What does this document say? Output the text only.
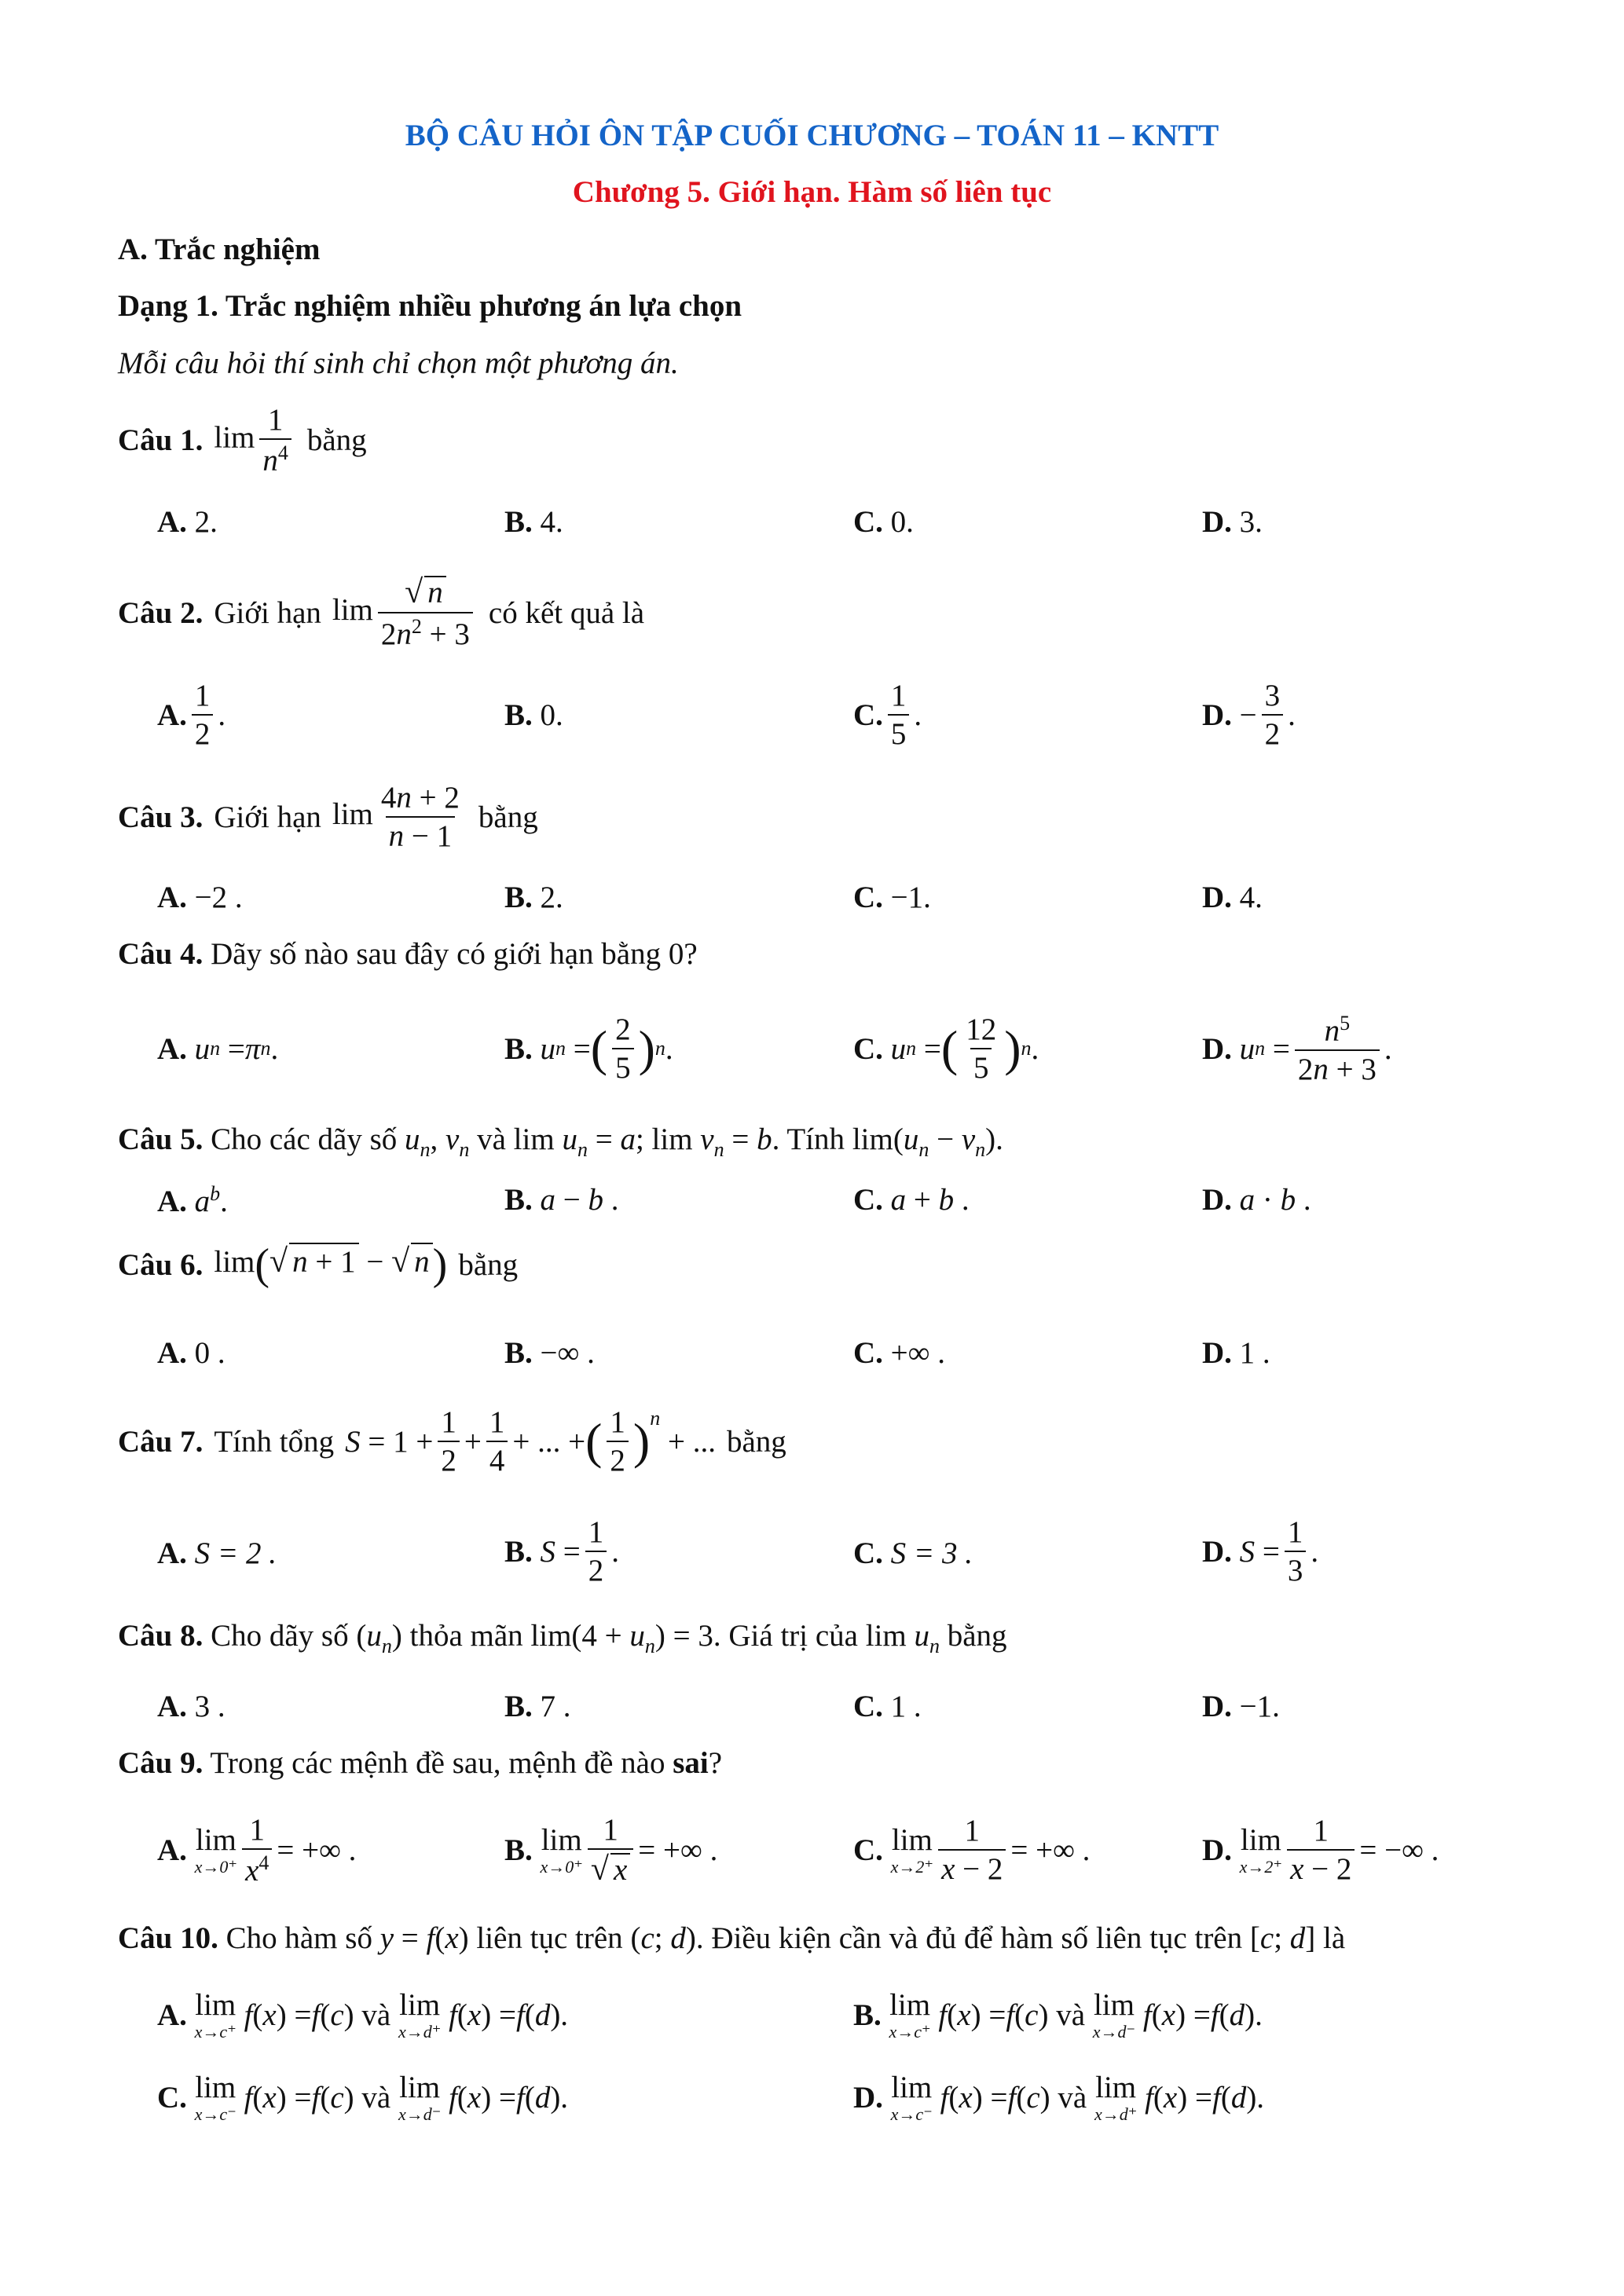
BỘ CÂU HỎI ÔN TẬP CUỐI CHƯƠNG – TOÁN 11 – KNTT
Chương 5. Giới hạn. Hàm số liên tục
A. Trắc nghiệm
Dạng 1. Trắc nghiệm nhiều phương án lựa chọn
Mỗi câu hỏi thí sinh chỉ chọn một phương án.
Câu 1. $\lim \frac{1}{n^4}$ bằng
A. 2.	B. 4.	C. 0.	D. 3.
Câu 2. Giới hạn $\lim \frac{√ n}{2n^2 + 3}$ có kết quả là
A. $\frac{1}{2}$ .	B. 0.	C. $\frac{1}{5}$ .	D. − $\frac{3}{2}$ .
Câu 3. Giới hạn $\lim \frac{4n + 2}{n - 1}$ bằng
A. −2 .	B. 2.	C. −1.	D. 4.
Câu 4. Dãy số nào sau đây có giới hạn bằng 0?
A.
u n = π n .	B.
u n = ( $\frac{2}{5}$ ) n .	C.
u n = ( $\frac{12}{5}$ ) n .	D.
u $n = \frac{n^5}{2n + 3}$ .
Câu 5. Cho các dãy số $u_n$, $v_n$ và $\lim u_n = a$; $\lim v_n = b$. Tính $\lim(u_n - v_n)$.
A. $a^b$.	B. a − b .	C. a + b .	D. a · b .
Câu 6. lim(√ n + 1 − √ n) bằng
A. 0 .	B. −∞ .	C. +∞ .	D. 1 .
Câu 7. Tính tổng $S = 1 + \frac{1}{2} + \frac{1}{4}$ + ... + ( $\frac{1}{2}$ ) n
+ ... bằng
A. S = 2 .	B.
$S = \frac{1}{2}$ .	C. S = 3 .	D.
$S = \frac{1}{3}$ .
Câu 8. Cho dãy số $(u_n)$ thỏa mãn $\lim(4 + u_n) = 3$. Giá trị của $\lim u_n$ bằng
A. 3 .	B. 7 .	C. 1 .	D. −1.
Câu 9. Trong các mệnh đề sau, mệnh đề nào sai?
A.
lim
$x\to 0^+ \frac{1}{x^4}$ = +∞ .	B.
lim
$x\to 0^+ \frac{1}{√ x}$ = +∞ .	C.
lim
$x\to 2^+ \frac{1}{x - 2}$ = +∞ .	D.
lim
$x\to 2^+ \frac{1}{x - 2}$ = −∞ .
Câu 10. Cho hàm số y = f(x) liên tục trên (c; d). Điều kiện cần và đủ để hàm số liên tục trên [c; d] là
A.
lim
x→c⁺
f ( x ) = f ( c ) và
lim
x→d⁺
f ( x ) = f ( d ).	B.
lim
x→c⁺
f ( x ) = f ( c ) và
lim
x→d⁻
f ( x ) = f ( d ).
C.
lim
x→c⁻
f ( x ) = f ( c ) và
lim
x→d⁻
f ( x ) = f ( d ).	D.
lim
x→c⁻
f ( x ) = f ( c ) và
lim
x→d⁺
f ( x ) = f ( d ).
